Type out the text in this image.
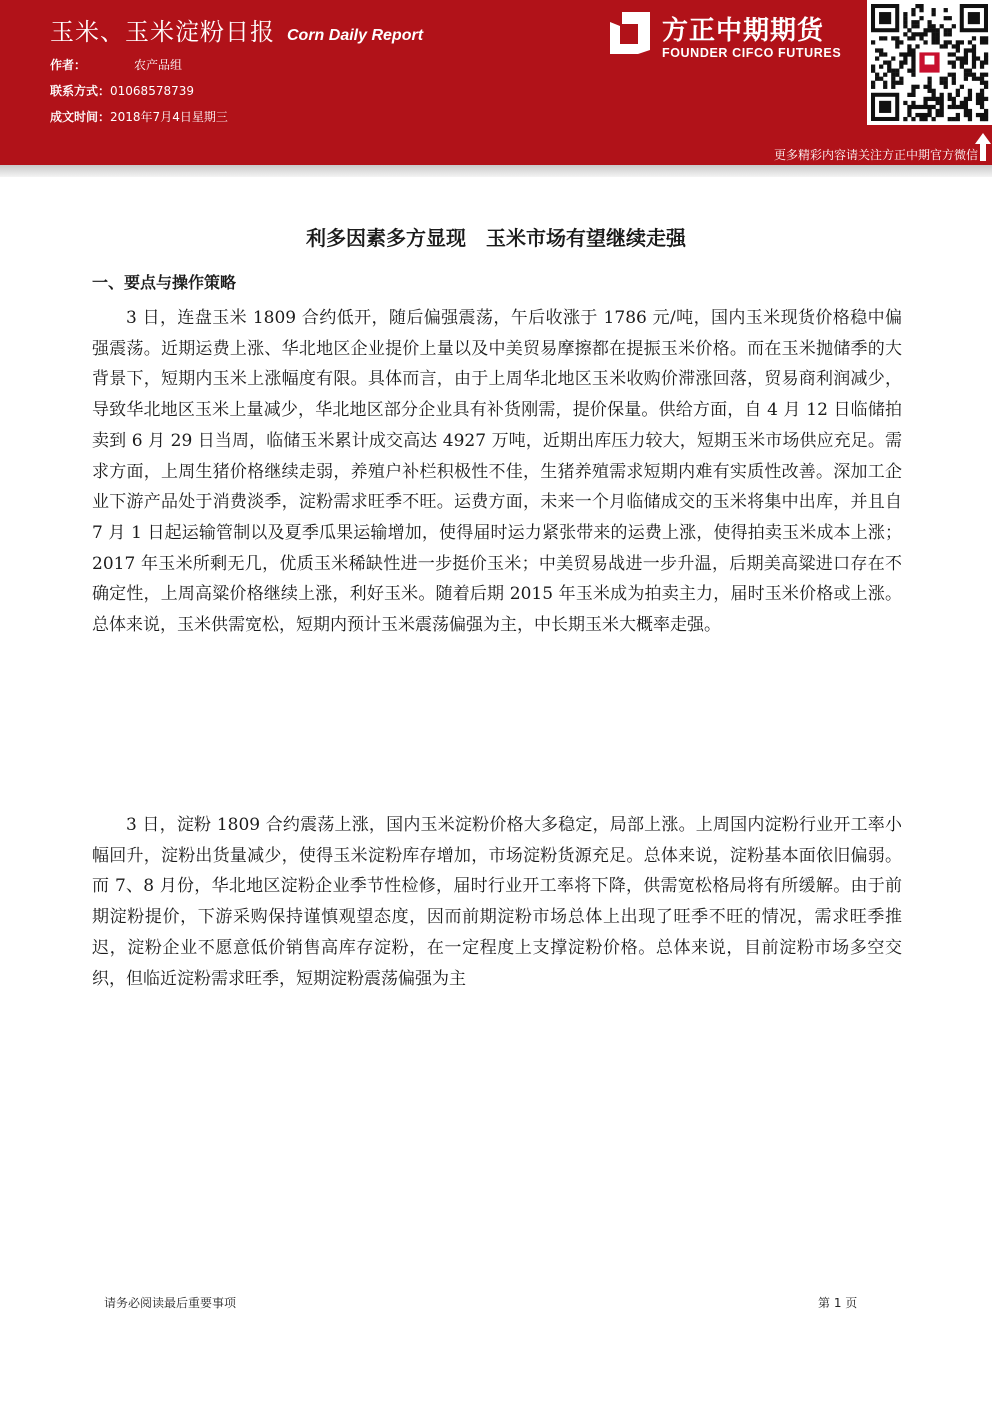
玉米、玉米淀粉日报 Corn Daily Report
作者：	农产品组
联系方式：01068578739
成文时间：2018年7月4日星期三
方正中期期货
FOUNDER CIFCO FUTURES
更多精彩内容请关注方正中期官方微信
利多因素多方显现　玉米市场有望继续走强
一、要点与操作策略

3 日，连盘玉米 1809 合约低开，随后偏强震荡，午后收涨于 1786 元/吨，国内玉米现货价格稳中偏强震荡。近期运费上涨、华北地区企业提价上量以及中美贸易摩擦都在提振玉米价格。而在玉米抛储季的大背景下，短期内玉米上涨幅度有限。具体而言，由于上周华北地区玉米收购价滞涨回落，贸易商利润减少，导致华北地区玉米上量减少，华北地区部分企业具有补货刚需，提价保量。供给方面，自 4 月 12 日临储拍卖到 6 月 29 日当周，临储玉米累计成交高达 4927 万吨，近期出库压力较大，短期玉米市场供应充足。需求方面，上周生猪价格继续走弱，养殖户补栏积极性不佳，生猪养殖需求短期内难有实质性改善。深加工企业下游产品处于消费淡季，淀粉需求旺季不旺。运费方面，未来一个月临储成交的玉米将集中出库，并且自 7 月 1 日起运输管制以及夏季瓜果运输增加，使得届时运力紧张带来的运费上涨，使得拍卖玉米成本上涨；2017 年玉米所剩无几，优质玉米稀缺性进一步挺价玉米；中美贸易战进一步升温，后期美高粱进口存在不确定性，上周高粱价格继续上涨，利好玉米。随着后期 2015 年玉米成为拍卖主力，届时玉米价格或上涨。总体来说，玉米供需宽松，短期内预计玉米震荡偏强为主，中长期玉米大概率走强。

3 日，淀粉 1809 合约震荡上涨，国内玉米淀粉价格大多稳定，局部上涨。上周国内淀粉行业开工率小幅回升，淀粉出货量减少，使得玉米淀粉库存增加，市场淀粉货源充足。总体来说，淀粉基本面依旧偏弱。而 7、8 月份，华北地区淀粉企业季节性检修，届时行业开工率将下降，供需宽松格局将有所缓解。由于前期淀粉提价，下游采购保持谨慎观望态度，因而前期淀粉市场总体上出现了旺季不旺的情况，需求旺季推迟，淀粉企业不愿意低价销售高库存淀粉，在一定程度上支撑淀粉价格。总体来说，目前淀粉市场多空交织，但临近淀粉需求旺季，短期淀粉震荡偏强为主

请务必阅读最后重要事项	第 1 页
